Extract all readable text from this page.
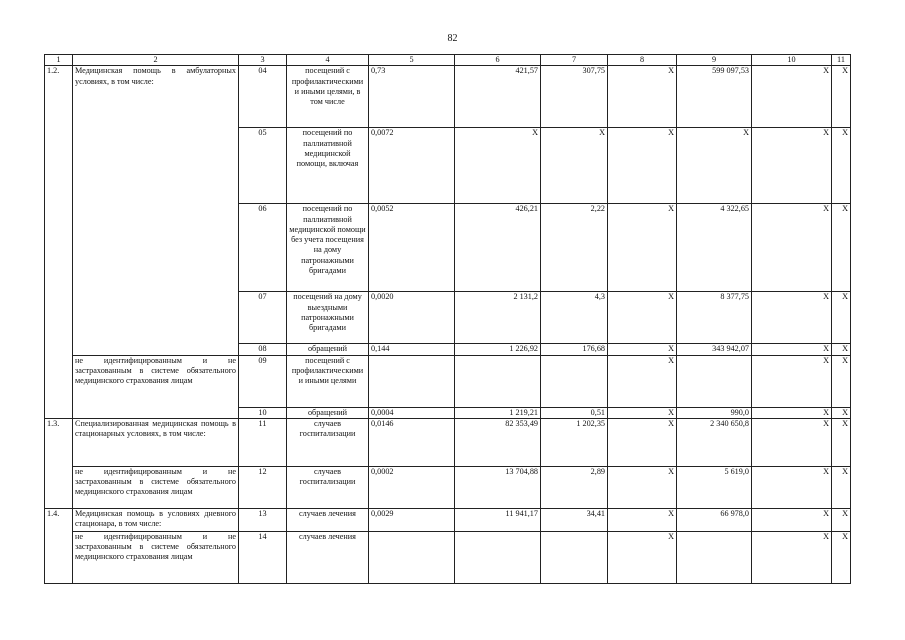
82
1	2	3	4	5	6	7	8	9	10	11
1.2.	Медицинская помощь в амбулаторных условиях, в том числе:	04	посещений с профилактическими и иными целями, в том числе	0,73	421,57	307,75	X	599 097,53	X	X
		05	посещений по паллиативной медицинской помощи, включая	0,0072	X	X	X	X	X	X
		06	посещений по паллиативной медицинской помощи без учета посещения на дому патронажными бригадами	0,0052	426,21	2,22	X	4 322,65	X	X
		07	посещений на дому выездными патронажными бригадами	0,0020	2 131,2	4,3	X	8 377,75	X	X
		08	обращений	0,144	1 226,92	176,68	X	343 942,07	X	X
	не идентифицированным и не застрахованным в системе обязательного медицинского страхования лицам	09	посещений с профилактическими и иными целями				X		X	X
		10	обращений	0,0004	1 219,21	0,51	X	990,0	X	X
1.3.	Специализированная медицинская помощь в стационарных условиях, в том числе:	11	случаев госпитализации	0,0146	82 353,49	1 202,35	X	2 340 650,8	X	X
	не идентифицированным и не застрахованным в системе обязательного медицинского страхования лицам	12	случаев госпитализации	0,0002	13 704,88	2,89	X	5 619,0	X	X
1.4.	Медицинская помощь в условиях дневного стационара, в том числе:	13	случаев лечения	0,0029	11 941,17	34,41	X	66 978,0	X	X
	не идентифицированным и не застрахованным в системе обязательного медицинского страхования лицам	14	случаев лечения				X		X	X
